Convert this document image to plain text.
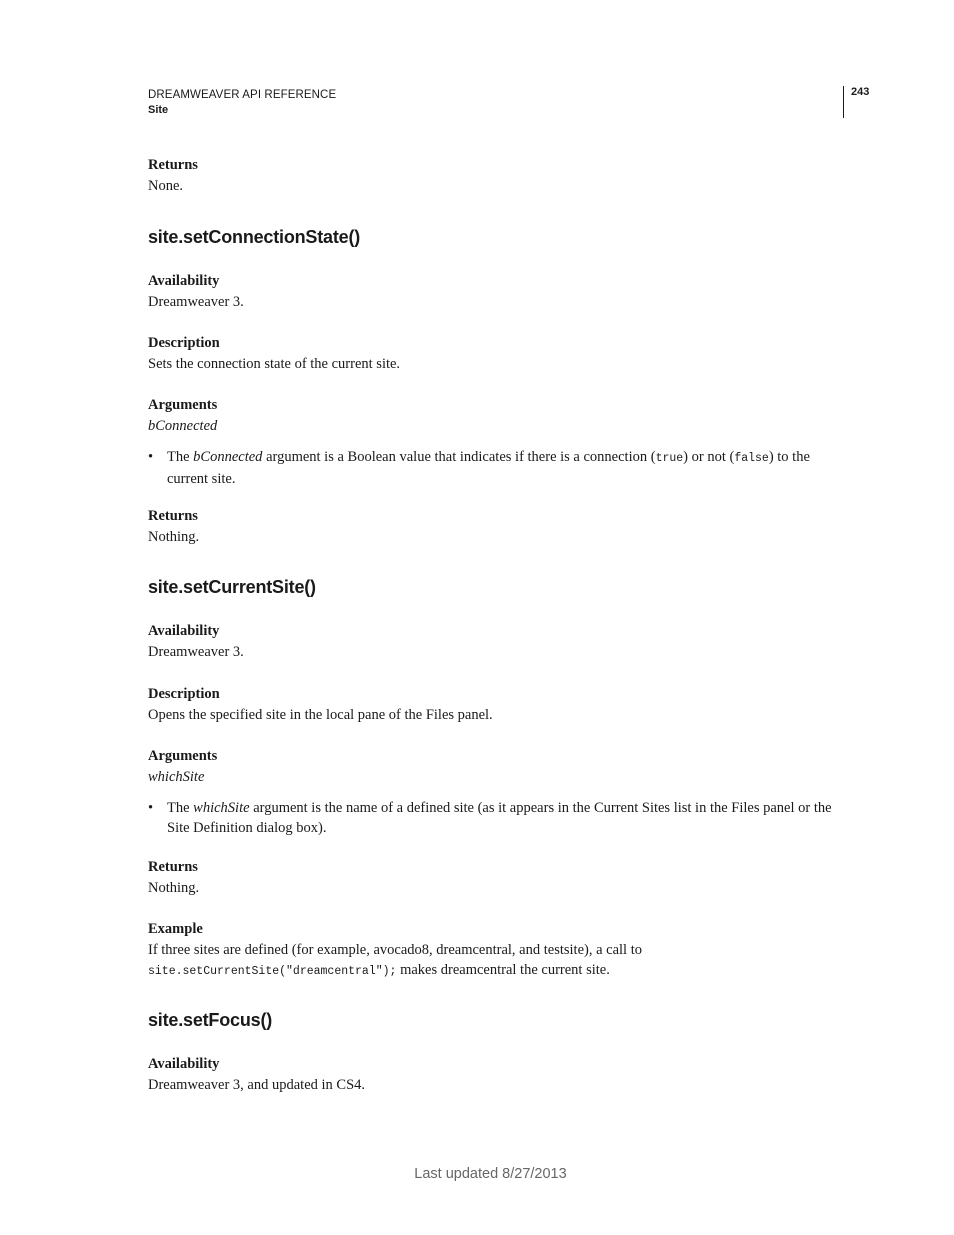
DREAMWEAVER API REFERENCE
Site
243
Returns
None.
site.setConnectionState()
Availability
Dreamweaver 3.
Description
Sets the connection state of the current site.
Arguments
bConnected
• The bConnected argument is a Boolean value that indicates if there is a connection (true) or not (false) to the current site.
Returns
Nothing.
site.setCurrentSite()
Availability
Dreamweaver 3.
Description
Opens the specified site in the local pane of the Files panel.
Arguments
whichSite
• The whichSite argument is the name of a defined site (as it appears in the Current Sites list in the Files panel or the Site Definition dialog box).
Returns
Nothing.
Example
If three sites are defined (for example, avocado8, dreamcentral, and testsite), a call to
site.setCurrentSite("dreamcentral"); makes dreamcentral the current site.
site.setFocus()
Availability
Dreamweaver 3, and updated in CS4.
Last updated 8/27/2013
